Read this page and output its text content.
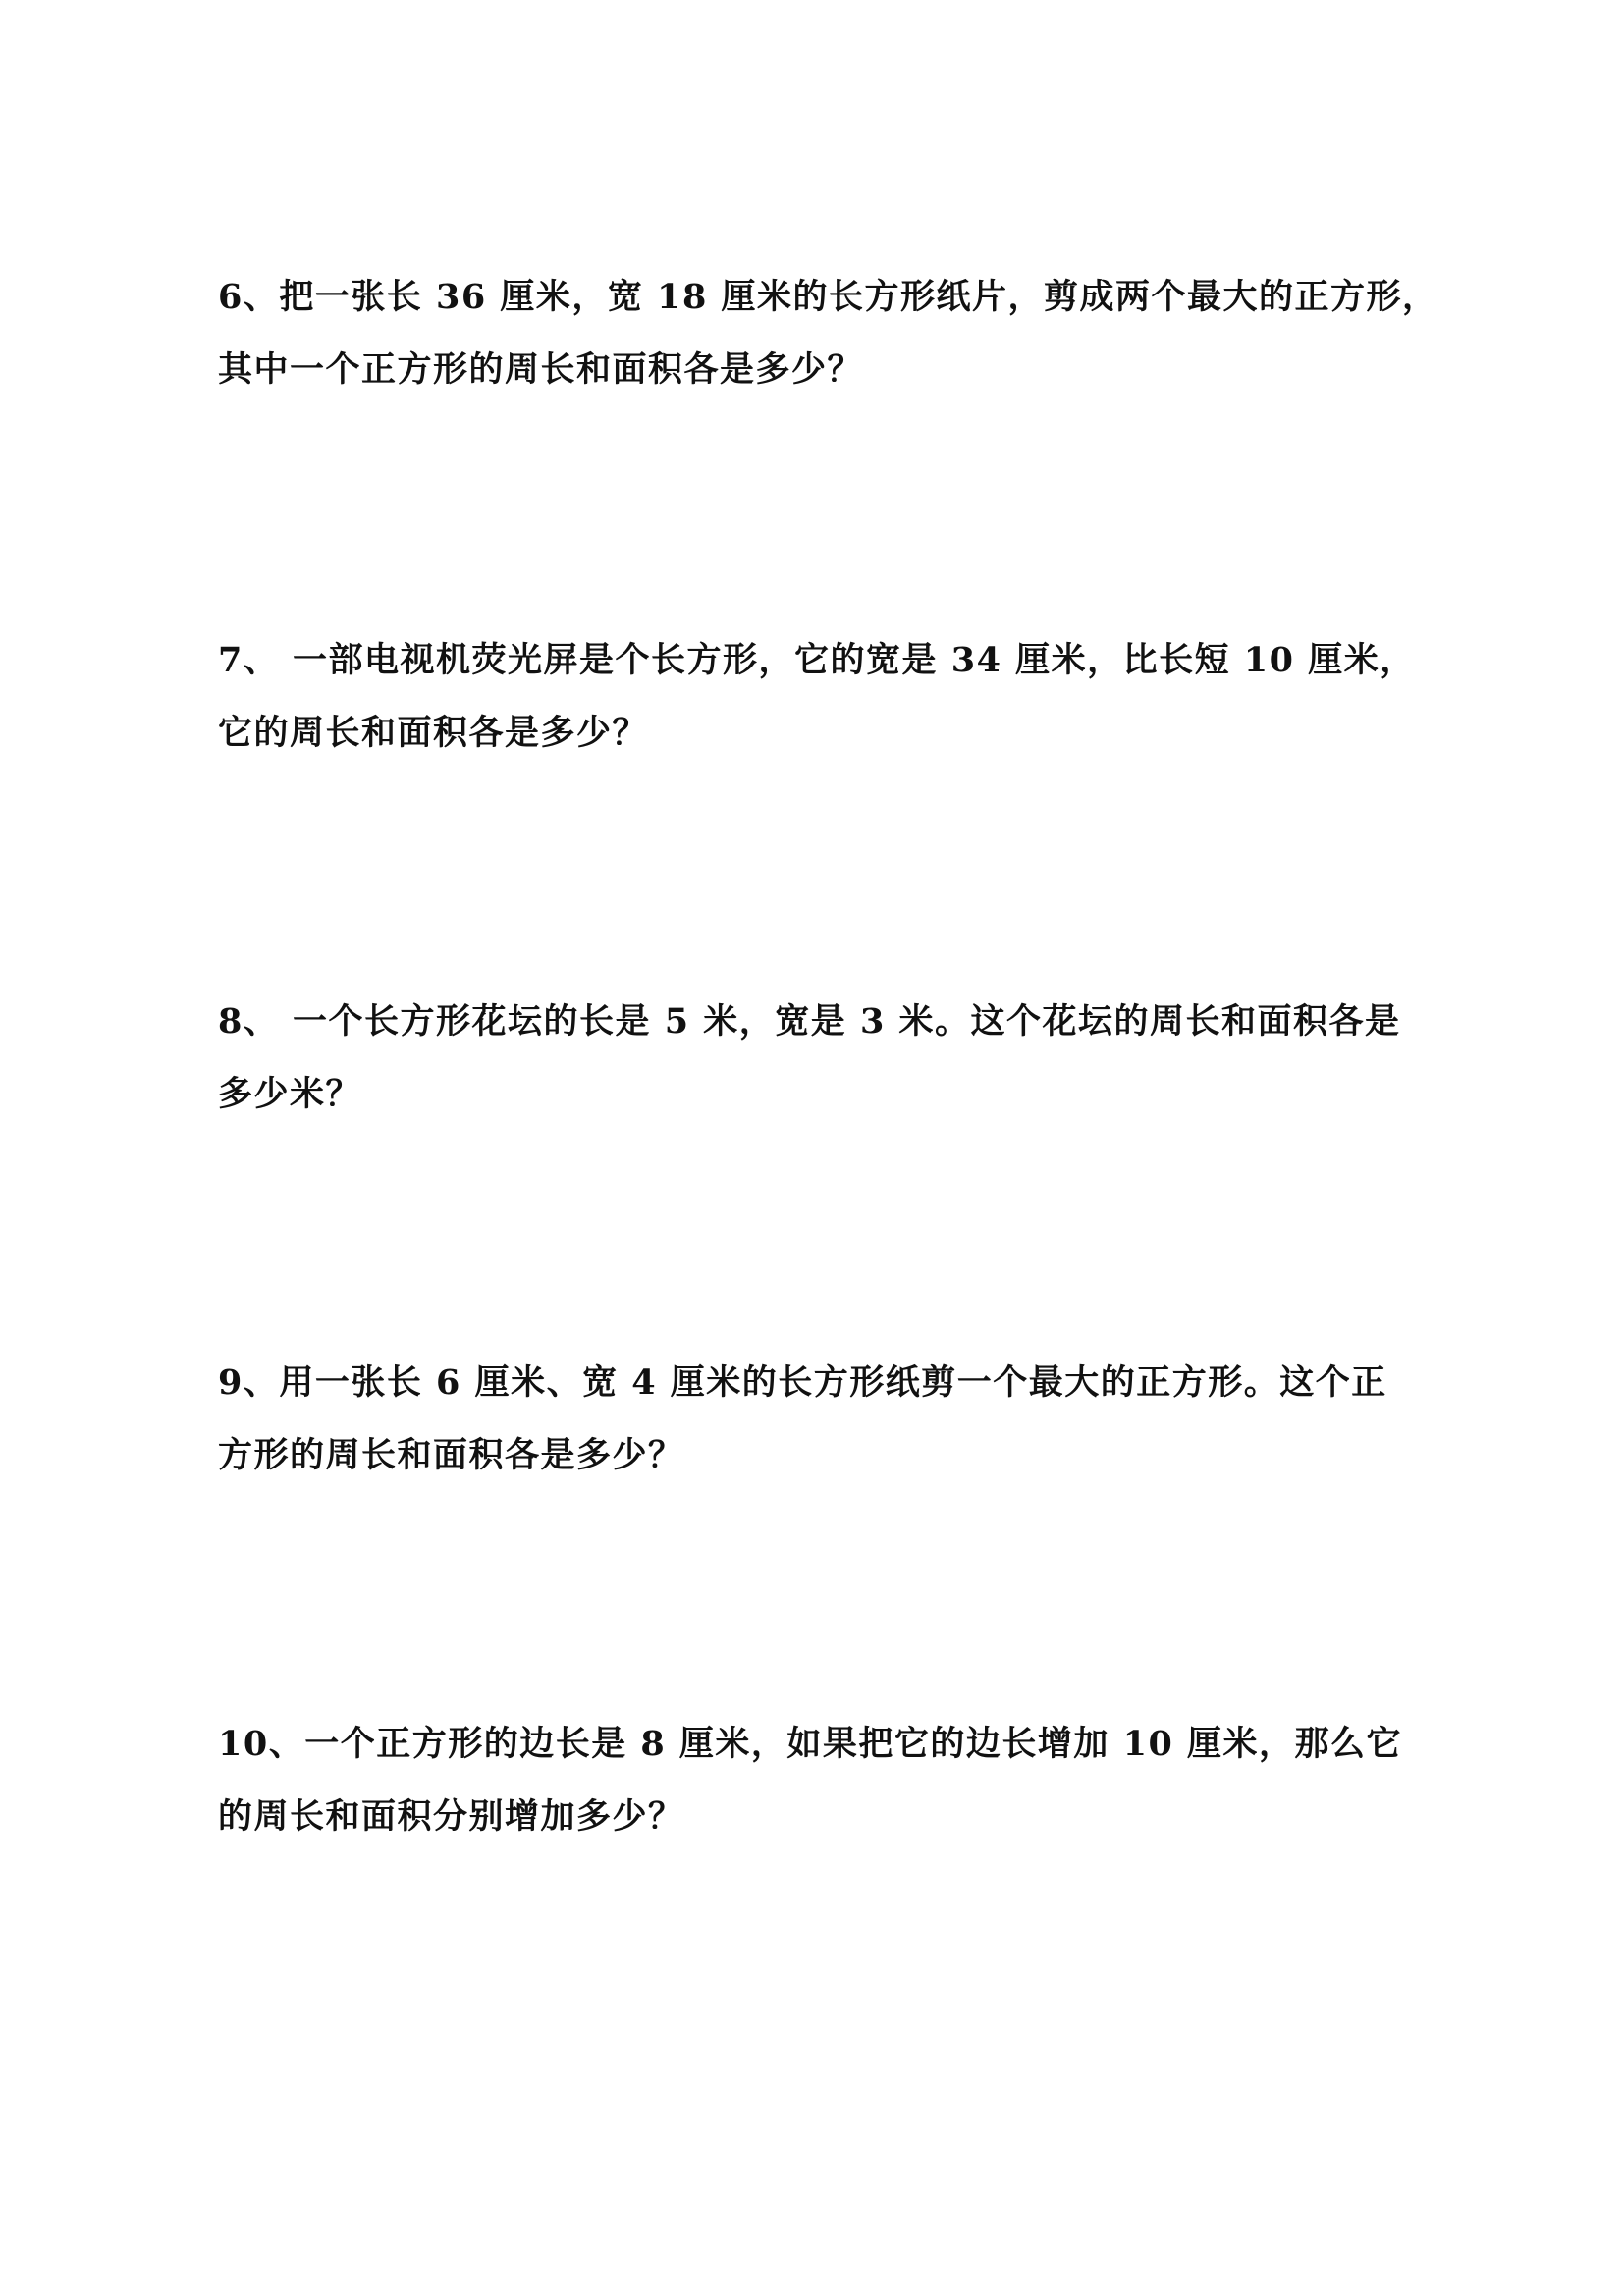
6、把一张长 36 厘米，宽 18 厘米的长方形纸片，剪成两个最大的正方形，
其中一个正方形的周长和面积各是多少？
7、 一部电视机荧光屏是个长方形，它的宽是 34 厘米，比长短 10 厘米，
它的周长和面积各是多少？
8、 一个长方形花坛的长是 5 米，宽是 3 米。这个花坛的周长和面积各是
多少米？
9、用一张长 6 厘米、宽 4 厘米的长方形纸剪一个最大的正方形。这个正
方形的周长和面积各是多少？
10、一个正方形的边长是 8 厘米，如果把它的边长增加 10 厘米，那么它
的周长和面积分别增加多少？
